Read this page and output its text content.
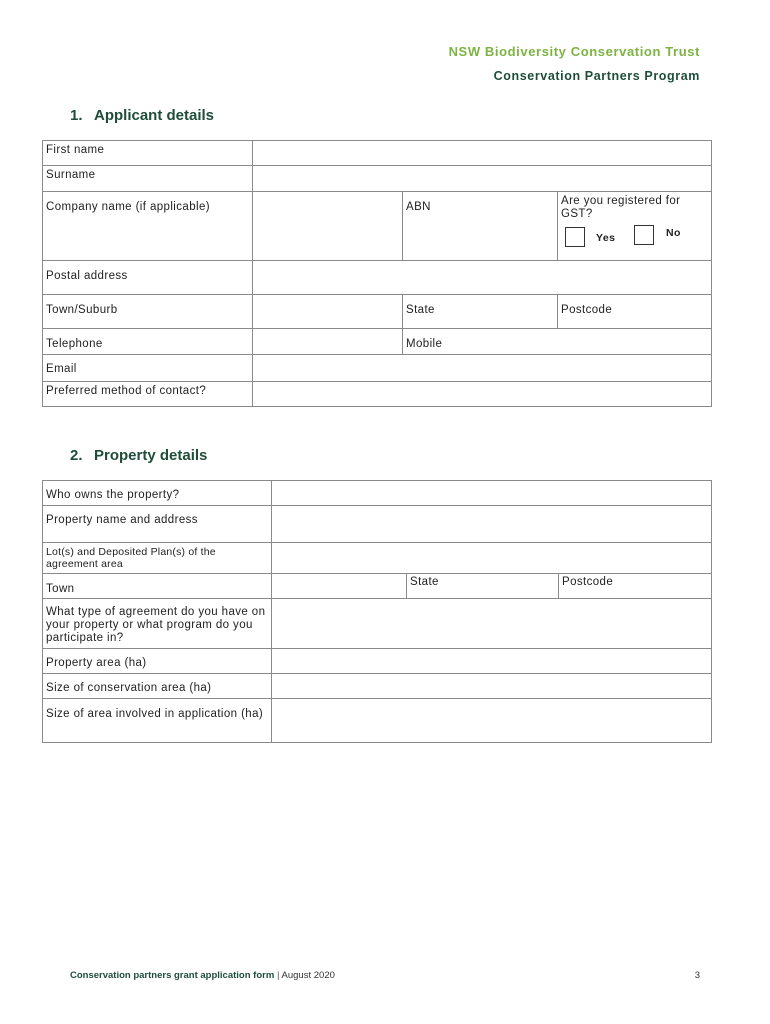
NSW Biodiversity Conservation Trust
Conservation Partners Program
1. Applicant details
First name			
Surname			
Company name (if applicable)		ABN	Are you registered for GST?
Yes No

Postal address			
Town/Suburb		State	Postcode
Telephone		Mobile	
Email			
Preferred method of contact?			
2. Property details
Who owns the property?			
Property name and address			
Lot(s) and Deposited Plan(s) of the agreement area			
Town		State	Postcode
What type of agreement do you have on your property or what program do you participate in?			
Property area (ha)			
Size of conservation area (ha)			
Size of area involved in application (ha)			
Conservation partners grant application form | August 2020	3
